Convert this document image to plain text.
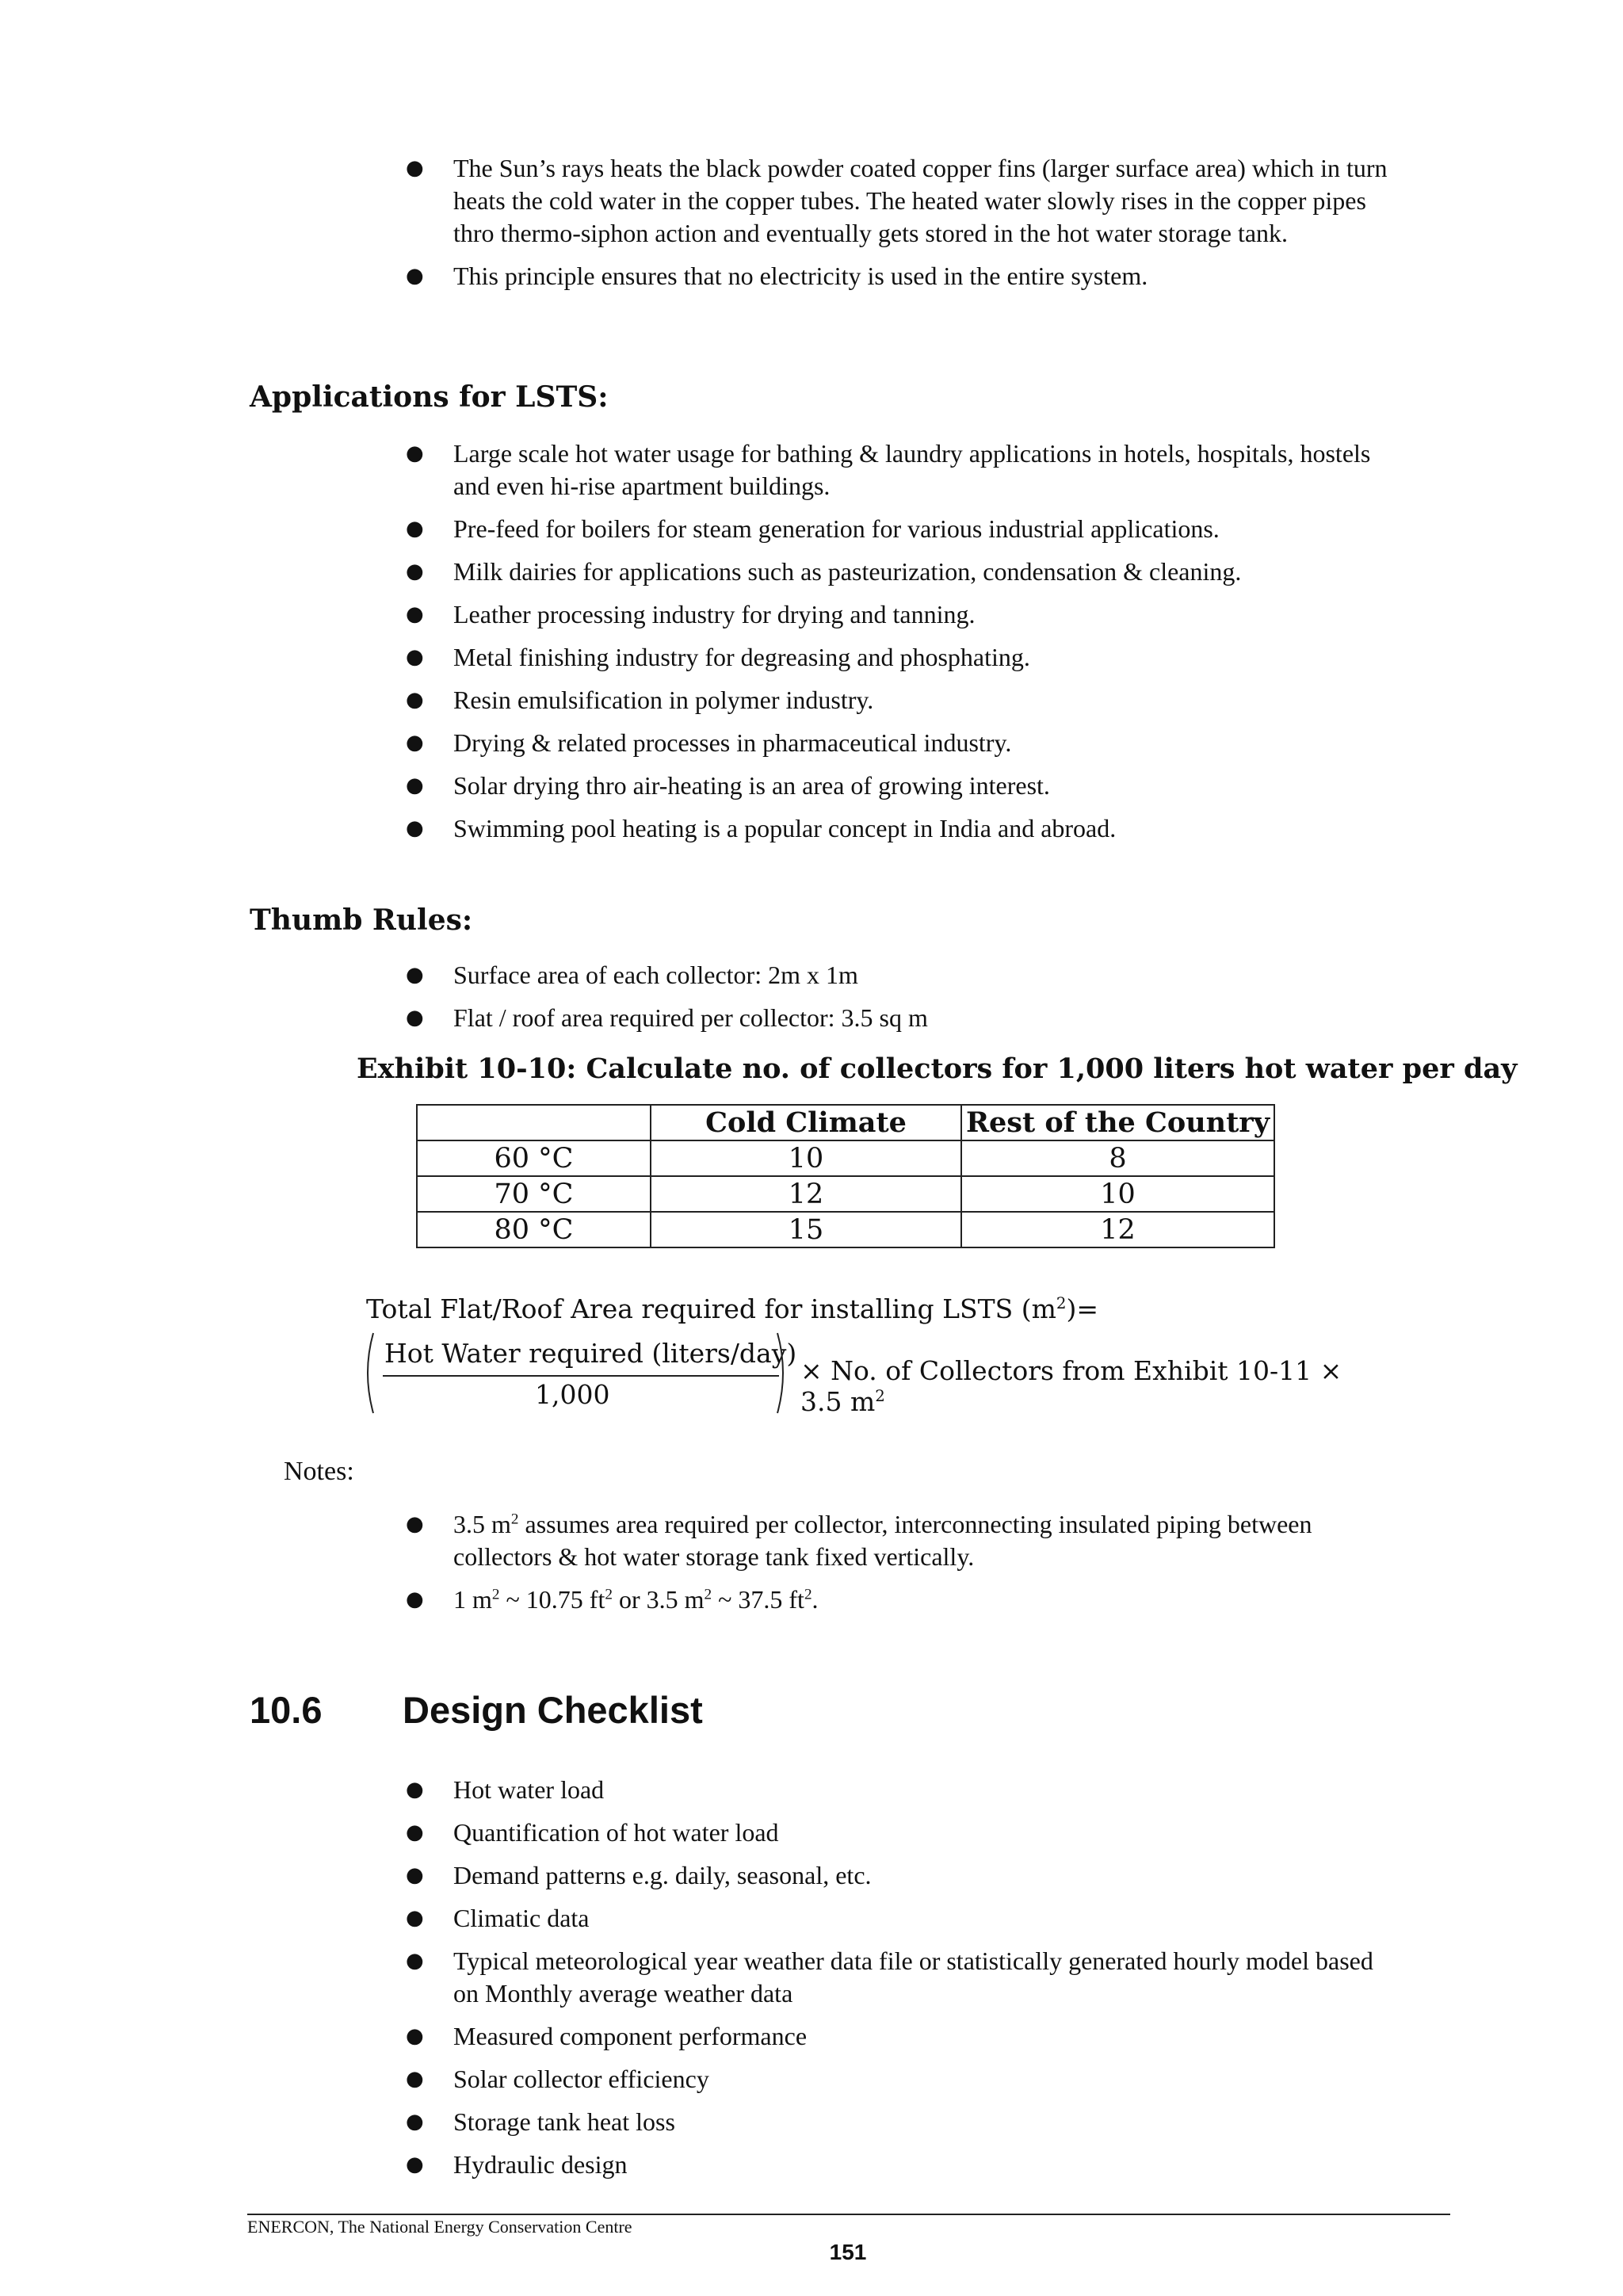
● The Sun’s rays heats the black powder coated copper fins (larger surface area) which in turn heats the cold water in the copper tubes. The heated water slowly rises in the copper pipes thro thermo-siphon action and eventually gets stored in the hot water storage tank.
● This principle ensures that no electricity is used in the entire system.
Applications for LSTS:
● Large scale hot water usage for bathing & laundry applications in hotels, hospitals, hostels and even hi-rise apartment buildings.
● Pre-feed for boilers for steam generation for various industrial applications.
● Milk dairies for applications such as pasteurization, condensation & cleaning.
● Leather processing industry for drying and tanning.
● Metal finishing industry for degreasing and phosphating.
● Resin emulsification in polymer industry.
● Drying & related processes in pharmaceutical industry.
● Solar drying thro air-heating is an area of growing interest.
● Swimming pool heating is a popular concept in India and abroad.
Thumb Rules:
● Surface area of each collector: 2m x 1m
● Flat / roof area required per collector: 3.5 sq m
Exhibit 10-10: Calculate no. of collectors for 1,000 liters hot water per day
	Cold Climate	Rest of the Country
60 °C	10	8
70 °C	12	10
80 °C	15	12
Total Flat/Roof Area required for installing LSTS $(m^2)=$
Hot Water required (liters/day)
1,000
× No. of Collectors from Exhibit 10-11 × 3.5 $m^2$
Notes:
● 3.5 $m^2$ assumes area required per collector, interconnecting insulated piping between collectors & hot water storage tank fixed vertically.
● 1 $m^2$ ~ 10.75 $ft^2$ or 3.5 $m^2$ ~ 37.5 $ft^2$.
10.6 Design Checklist
● Hot water load
● Quantification of hot water load
● Demand patterns e.g. daily, seasonal, etc.
● Climatic data
● Typical meteorological year weather data file or statistically generated hourly model based on Monthly average weather data
● Measured component performance
● Solar collector efficiency
● Storage tank heat loss
● Hydraulic design
ENERCON, The National Energy Conservation Centre
151
